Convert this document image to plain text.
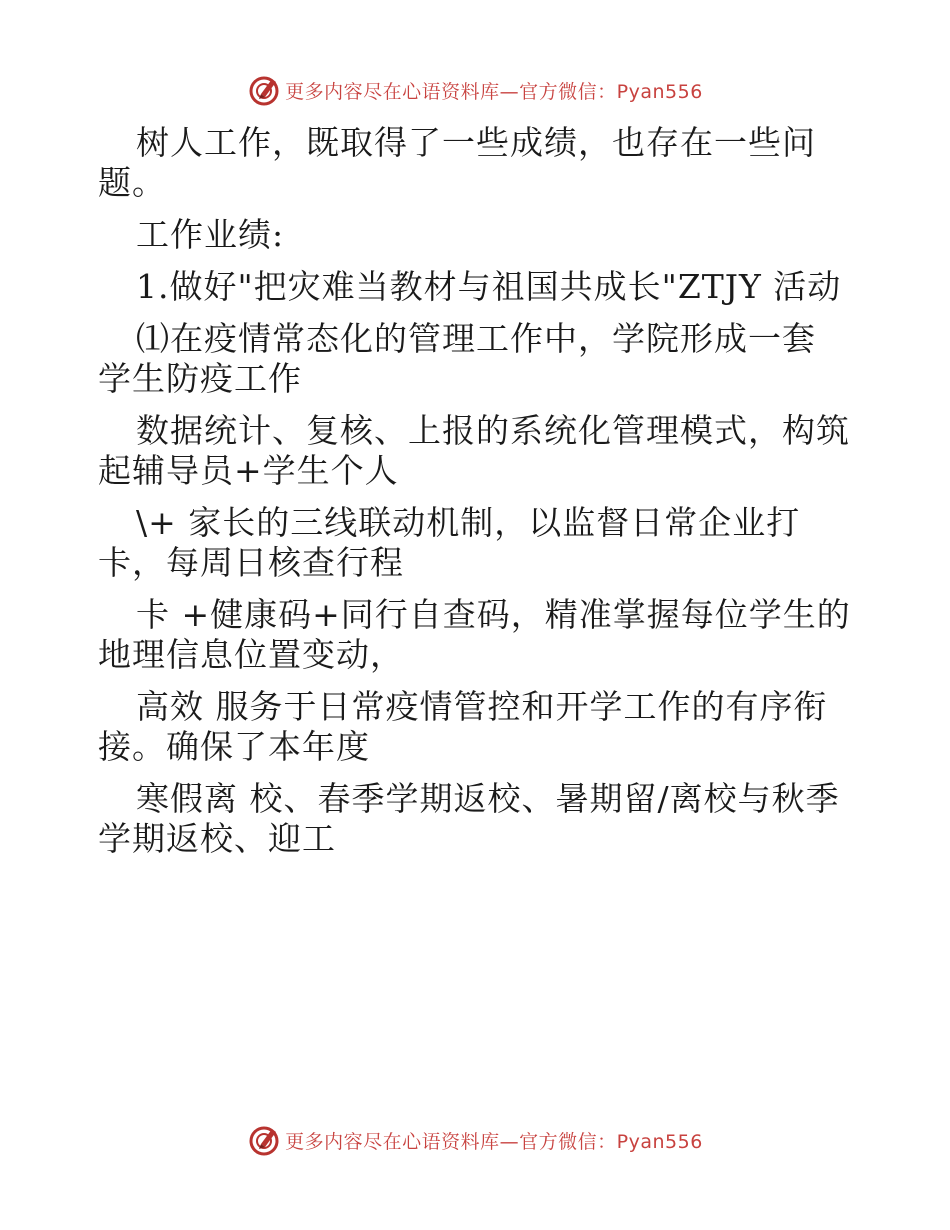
更多内容尽在心语资料库—官方微信：Pyan556
树人工作，既取得了一些成绩，也存在一些问
题。
工作业绩:
1.做好"把灾难当教材与祖国共成长"ZTJY 活动
⑴在疫情常态化的管理工作中，学院形成一套
学生防疫工作
数据统计、复核、上报的系统化管理模式，构筑
起辅导员+学生个人
\+ 家长的三线联动机制，以监督日常企业打
卡，每周日核查行程
卡 +健康码+同行自查码，精准掌握每位学生的
地理信息位置变动，
高效 服务于日常疫情管控和开学工作的有序衔
接。确保了本年度
寒假离 校、春季学期返校、暑期留/离校与秋季
学期返校、迎工
更多内容尽在心语资料库—官方微信：Pyan556
